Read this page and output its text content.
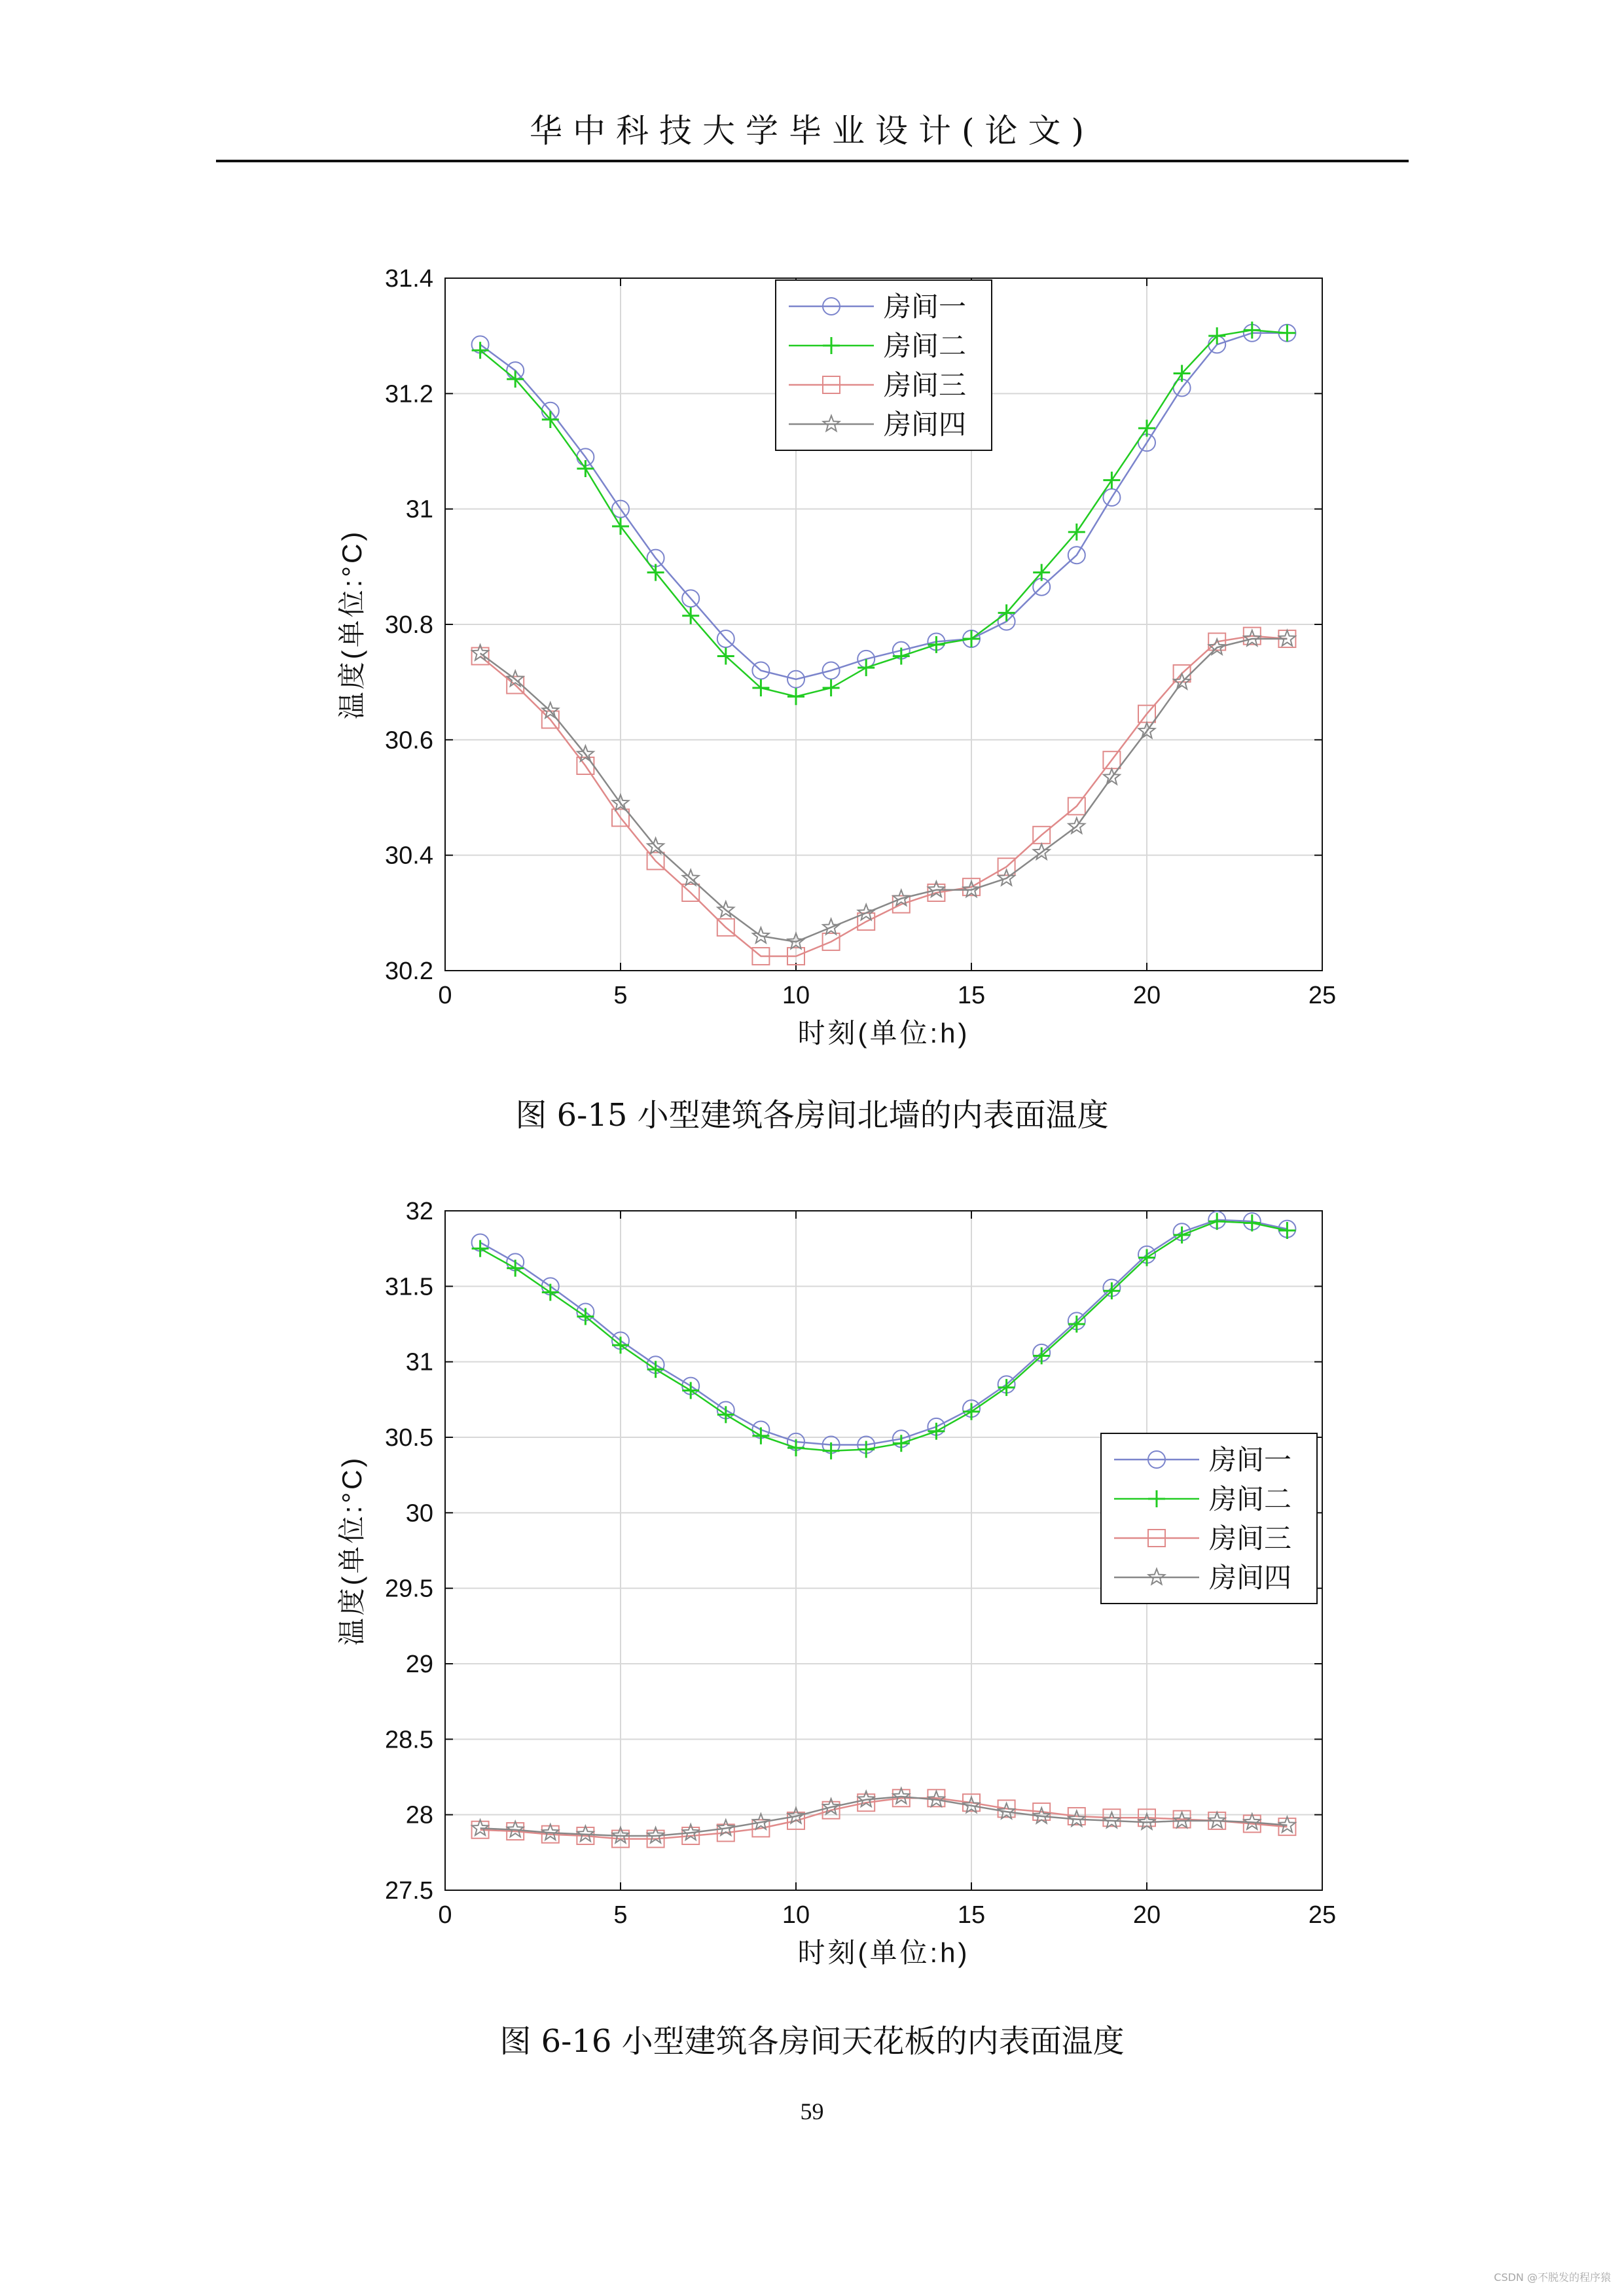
华中科技大学毕业设计(论文)
0	5	10	15	20	25
30.2
30.4
30.6
30.8
31
31.2
31.4
时刻(单位:h)
温度(单位:°C)
房间一
房间二
房间三
房间四
图 6-15 小型建筑各房间北墙的内表面温度
0	5	10	15	20	25
27.5
28
28.5
29
29.5
30
30.5
31
31.5
32
时刻(单位:h)
温度(单位:°C)	房间一
房间二
房间三
房间四
图 6-16 小型建筑各房间天花板的内表面温度
59
CSDN @不脱发的程序猿
